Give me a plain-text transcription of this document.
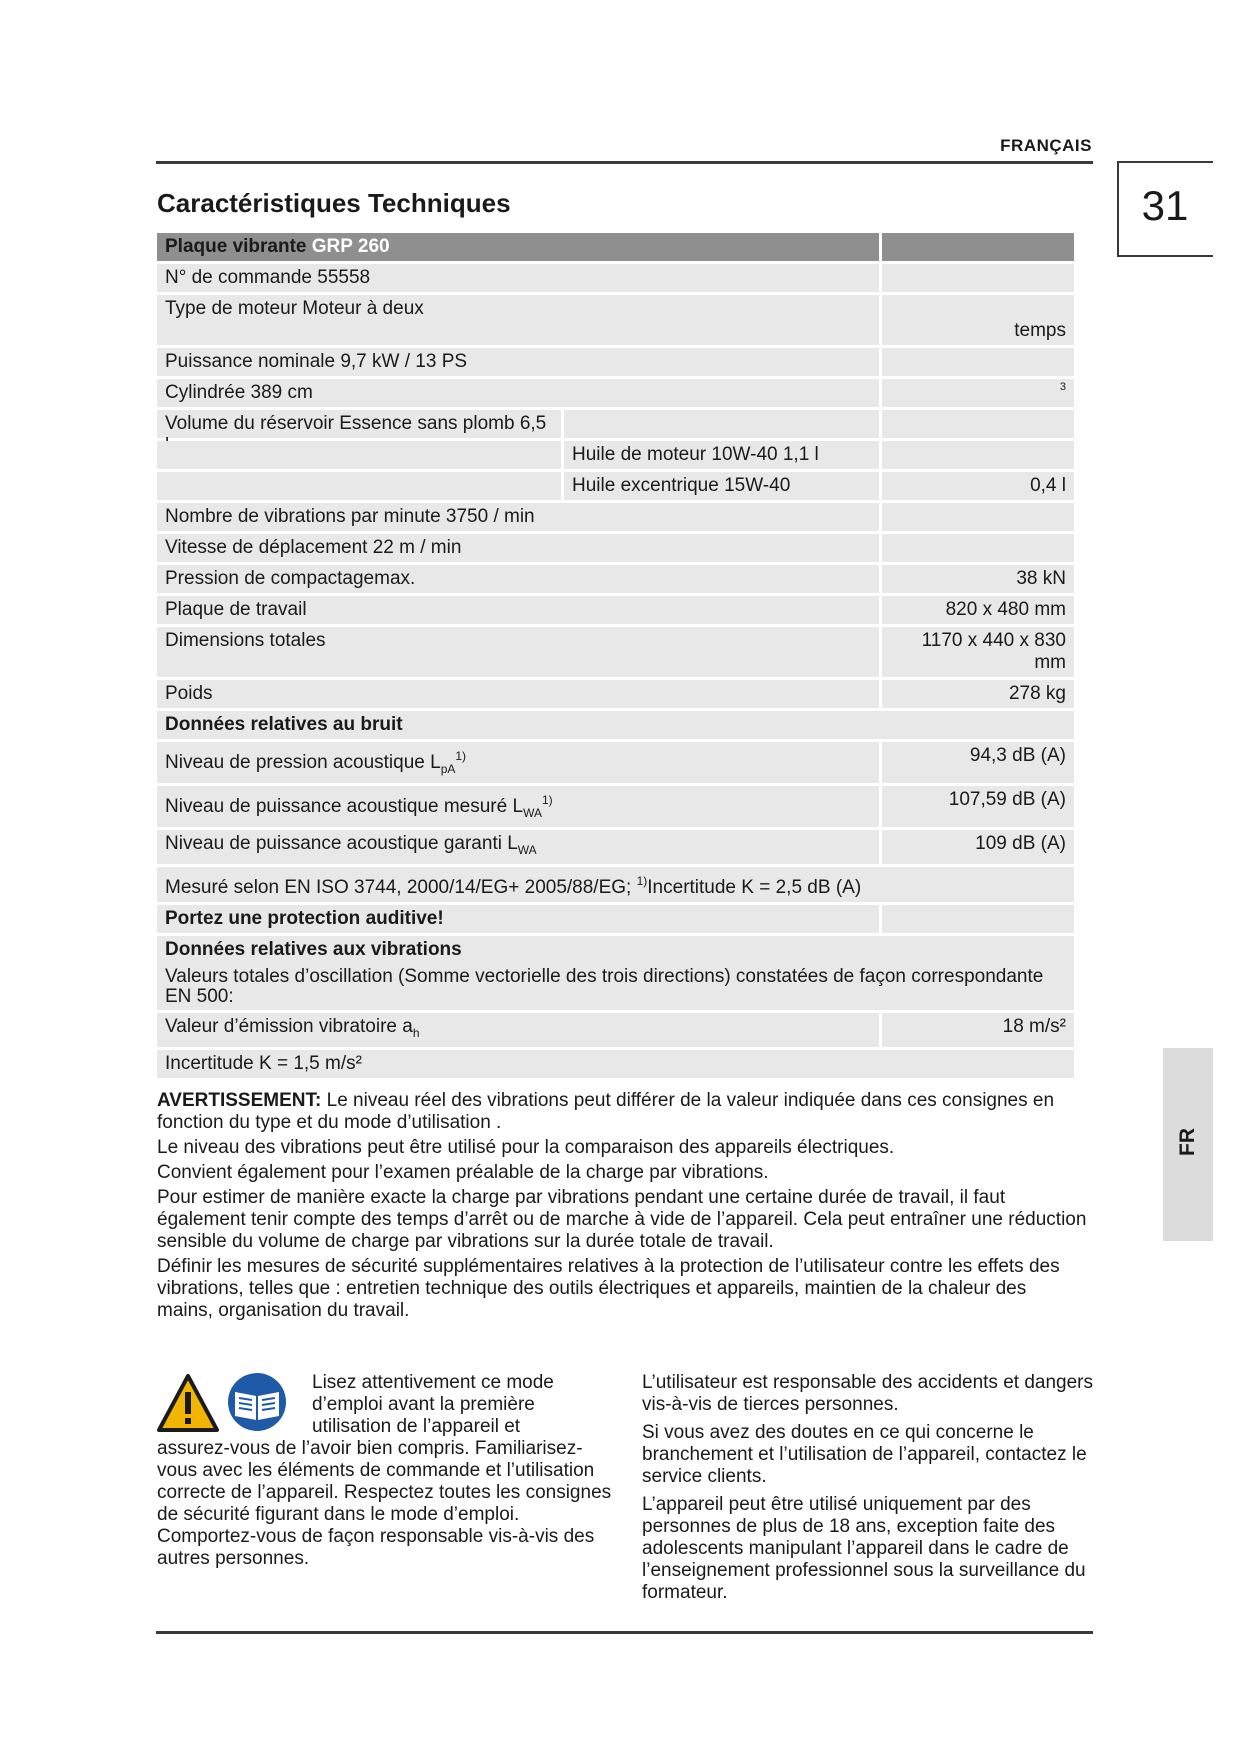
FRANÇAIS
31
Caractéristiques Techniques
FR
Plaque vibrante GRP 260
N° de commande 55558
Type de moteur Moteur à deux
temps
Puissance nominale 9,7 kW / 13 PS
Cylindrée 389 cm	3
Volume du réservoir Essence sans plomb 6,5
Huile de moteur 10W-40 1,1 l
Huile excentrique 15W-40	0,4 l
Nombre de vibrations par minute 3750 / min
Vitesse de déplacement 22 m / min
Pression de compactagemax.	38 kN
Plaque de travail	820 x 480 mm
Dimensions totales	1170 x 440 x 830 mm
Poids	278 kg
Données relatives au bruit
Niveau de pression acoustique $L_{pA}^{1)}$	94,3 dB (A)
Niveau de puissance acoustique mesuré $L_{WA}^{1)}$	107,59 dB (A)
Niveau de puissance acoustique garanti $L_{WA}$	109 dB (A)
Mesuré selon EN ISO 3744, 2000/14/EG+ 2005/88/EG; $^{1)}$Incertitude K = 2,5 dB (A)
Portez une protection auditive!
Données relatives aux vibrations
Valeurs totales d’oscillation (Somme vectorielle des trois directions) constatées de façon correspondante EN 500:
Valeur d’émission vibratoire $a_h$	18 m/s²
Incertitude K = 1,5 m/s²

AVERTISSEMENT: Le niveau réel des vibrations peut différer de la valeur indiquée dans ces consignes en fonction du type et du mode d’utilisation .

Le niveau des vibrations peut être utilisé pour la comparaison des appareils électriques.

Convient également pour l’examen préalable de la charge par vibrations.

Pour estimer de manière exacte la charge par vibrations pendant une certaine durée de travail, il faut également tenir compte des temps d’arrêt ou de marche à vide de l’appareil. Cela peut entraîner une réduction sensible du volume de charge par vibrations sur la durée totale de travail.

Définir les mesures de sécurité supplémentaires relatives à la protection de l’utilisateur contre les effets des vibrations, telles que : entretien technique des outils électriques et appareils, maintien de la chaleur des mains, organisation du travail.

Lisez attentivement ce mode d’emploi avant la première utilisation de l’appareil et
assurez-vous de l’avoir bien compris. Familiarisez-vous avec les éléments de commande et l’utilisation correcte de l’appareil. Respectez toutes les consignes de sécurité figurant dans le mode d’emploi. Comportez-vous de façon responsable vis-à-vis des autres personnes.

L’utilisateur est responsable des accidents et dangers vis-à-vis de tierces personnes.

Si vous avez des doutes en ce qui concerne le branchement et l’utilisation de l’appareil, contactez le service clients.

L’appareil peut être utilisé uniquement par des personnes de plus de 18 ans, exception faite des adolescents manipulant l’appareil dans le cadre de l’enseignement professionnel sous la surveillance du formateur.
